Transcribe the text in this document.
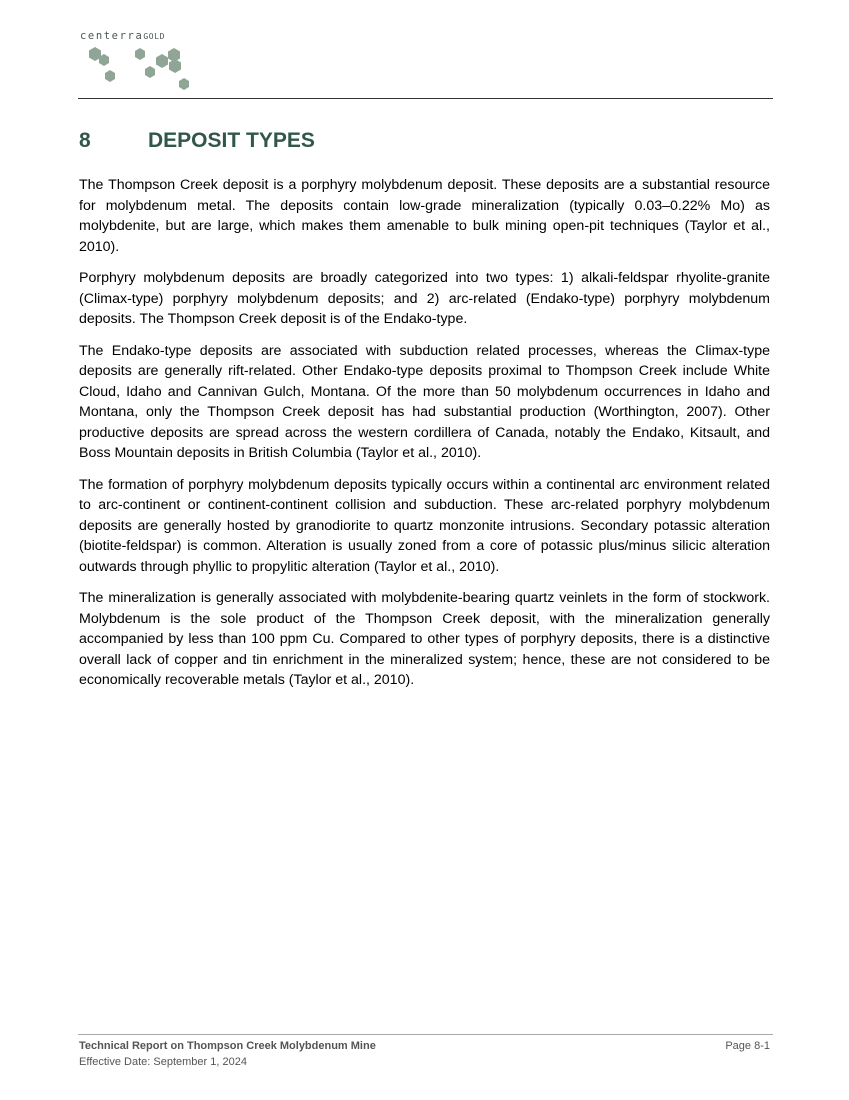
centerraGOLD
8	DEPOSIT TYPES

The Thompson Creek deposit is a porphyry molybdenum deposit. These deposits are a substantial resource for molybdenum metal. The deposits contain low-grade mineralization (typically 0.03–0.22% Mo) as molybdenite, but are large, which makes them amenable to bulk mining open-pit techniques (Taylor et al., 2010).

Porphyry molybdenum deposits are broadly categorized into two types: 1) alkali-feldspar rhyolite-granite (Climax-type) porphyry molybdenum deposits; and 2) arc-related (Endako-type) porphyry molybdenum deposits. The Thompson Creek deposit is of the Endako-type.

The Endako-type deposits are associated with subduction related processes, whereas the Climax-type deposits are generally rift-related. Other Endako-type deposits proximal to Thompson Creek include White Cloud, Idaho and Cannivan Gulch, Montana. Of the more than 50 molybdenum occurrences in Idaho and Montana, only the Thompson Creek deposit has had substantial production (Worthington, 2007). Other productive deposits are spread across the western cordillera of Canada, notably the Endako, Kitsault, and Boss Mountain deposits in British Columbia (Taylor et al., 2010).

The formation of porphyry molybdenum deposits typically occurs within a continental arc environment related to arc-continent or continent-continent collision and subduction. These arc-related porphyry molybdenum deposits are generally hosted by granodiorite to quartz monzonite intrusions. Secondary potassic alteration (biotite-feldspar) is common. Alteration is usually zoned from a core of potassic plus/minus silicic alteration outwards through phyllic to propylitic alteration (Taylor et al., 2010).

The mineralization is generally associated with molybdenite-bearing quartz veinlets in the form of stockwork. Molybdenum is the sole product of the Thompson Creek deposit, with the mineralization generally accompanied by less than 100 ppm Cu. Compared to other types of porphyry deposits, there is a distinctive overall lack of copper and tin enrichment in the mineralized system; hence, these are not considered to be economically recoverable metals (Taylor et al., 2010).

Technical Report on Thompson Creek Molybdenum Mine
Effective Date: September 1, 2024
Page 8-1
